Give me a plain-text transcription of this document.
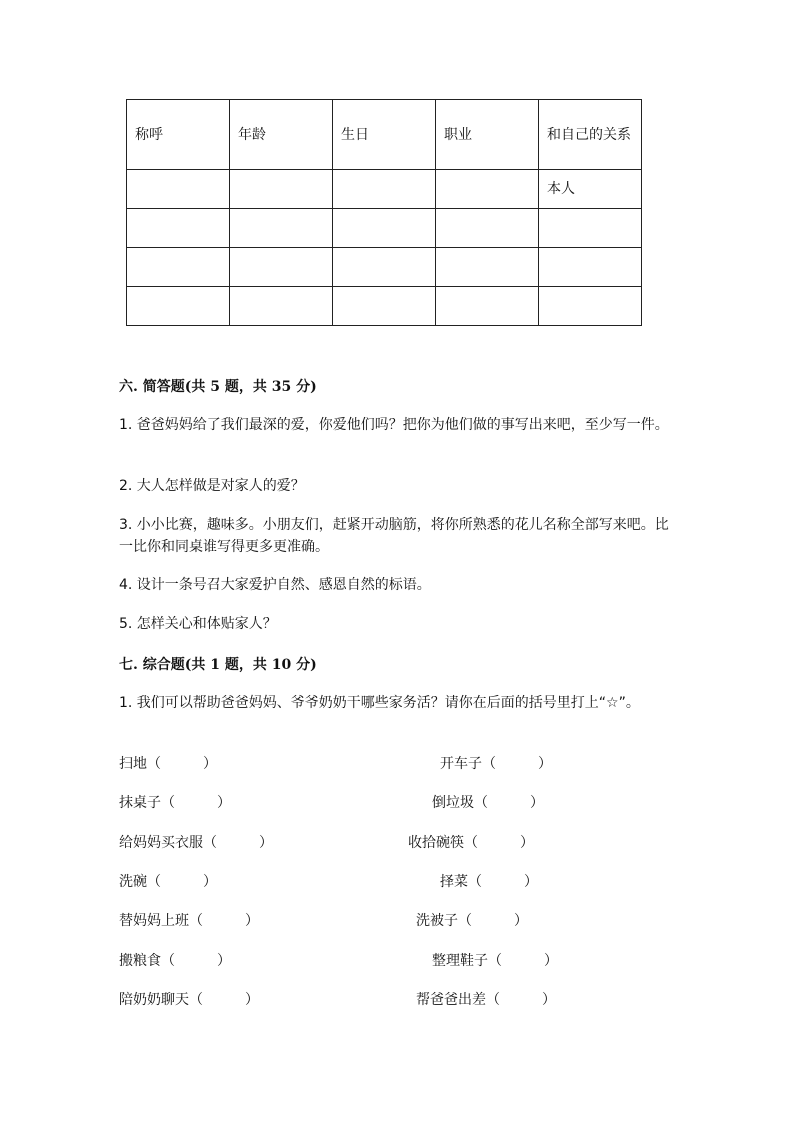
称呼	年龄	生日	职业	和自己的关系
				本人

六. 简答题(共 5 题，共 35 分)
1. 爸爸妈妈给了我们最深的爱，你爱他们吗？把你为他们做的事写出来吧，至少写一件。
2. 大人怎样做是对家人的爱？
3. 小小比赛，趣味多。小朋友们，赶紧开动脑筋，将你所熟悉的花儿名称全部写来吧。比一比你和同桌谁写得更多更准确。
4. 设计一条号召大家爱护自然、感恩自然的标语。
5. 怎样关心和体贴家人？
七. 综合题(共 1 题，共 10 分)
1. 我们可以帮助爸爸妈妈、爷爷奶奶干哪些家务活？请你在后面的括号里打上“☆”。
扫地（　　　）
抹桌子（　　　）
给妈妈买衣服（　　　）
洗碗（　　　）
替妈妈上班（　　　）
搬粮食（　　　）
陪奶奶聊天（　　　）
开车子（　　　）
倒垃圾（　　　）
收拾碗筷（　　　）
择菜（　　　）
洗被子（　　　）
整理鞋子（　　　）
帮爸爸出差（　　　）
